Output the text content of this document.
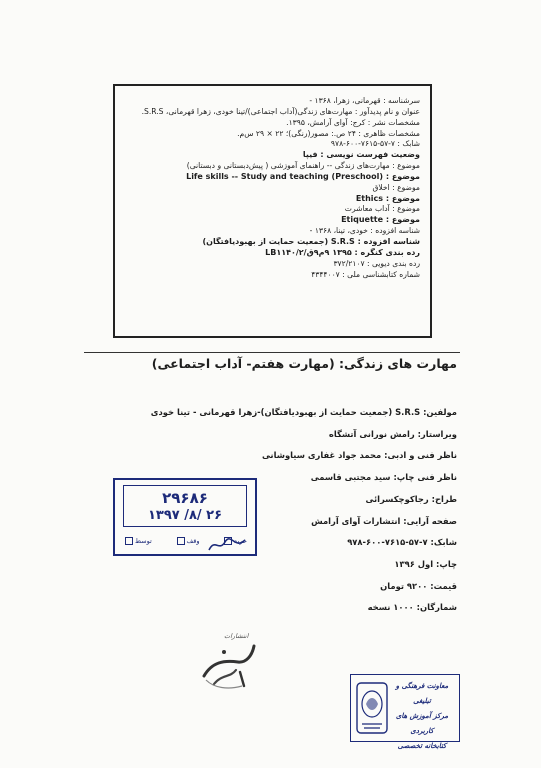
سرشناسه : قهرمانی، زهرا، ۱۳۶۸ -
عنوان و نام پدیدآور : مهارت‌های زندگی(آداب اجتماعی)/تینا خودی، زهرا قهرمانی، S.R.S.
مشخصات نشر : کرج: آوای آرامش، ۱۳۹۵.
مشخصات ظاهری : ۲۴ ص.: مصور(رنگی)؛ ۲۲ × ۲۹ س‌م.
شابک : ۷-۵۷-۷۶۱۵-۶۰۰-۹۷۸
وضعیت فهرست نویسی : فیپا
موضوع : مهارت‌های زندگی -- راهنمای آموزشی ( پیش‌دبستانی و دبستانی)
موضوع : Life skills -- Study and teaching (Preschool)
موضوع : اخلاق
موضوع : Ethics
موضوع : آداب معاشرت
موضوع : Etiquette
شناسه افزوده : خودی، تینا، ۱۳۶۸ -
شناسه افزوده : S.R.S (جمعیت حمایت از بهبودیافتگان)
رده بندی کنگره : ۱۳۹۵ ۹م۹ق/۲/LB۱۱۴۰
رده بندی دیویی : ۳۷۲/۲۱۰۷
شماره کتابشناسی ملی : ۴۳۴۴۰۰۷
مهارت های زندگی: (مهارت هفتم- آداب اجتماعی)
مولفین: S.R.S (جمعیت حمایت از بهبودیافتگان)-زهرا قهرمانی - تینا خودی
ویراستار: رامش نورانی آتشگاه
ناظر فنی و ادبی: محمد جواد غفاری سیاوشانی
ناظر فنی چاپ: سید مجتبی قاسمی
طراح: رجاکوچکسرائی
صفحه آرایی: انتشارات آوای آرامش
شابک: ۷-۵۷-۷۶۱۵-۶۰۰-۹۷۸
چاپ: اول ۱۳۹۶
قیمت: ۹۲۰۰ تومان
شمارگان: ۱۰۰۰ نسخه
۲۹۶۸۶
۱۳۹۷ /۸/ ۲۶
خرید
وقف
توسط
انتشارات
معاونت فرهنگی و تبلیغی
مرکز آموزش های کاربردی
کتابخانه تخصصی
